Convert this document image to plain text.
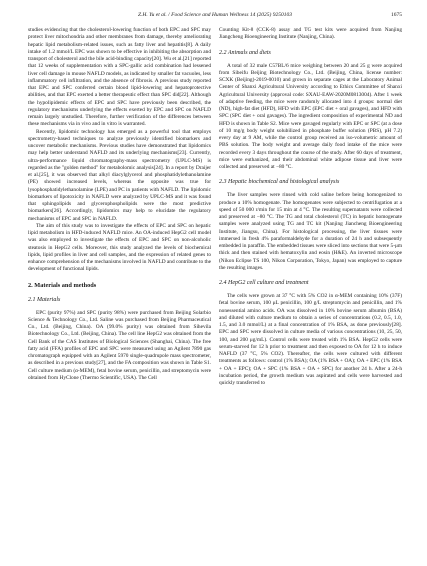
Z.H. Yu et al. / Food Science and Human Wellness 14 (2025) 9250103	1675

studies evidencing that the cholesterol-lowering function of both EPC and SPC may protect liver mitochondria and other membranes from damage, thereby ameliorating hepatic lipid metabolism-related issues, such as fatty liver and hepatitis[8]. A daily intake of 1.2 mmol/L EPC was shown to be effective in inhibiting the absorption and transport of cholesterol and the bile acid-binding capacity[20]. Wu et al.[21] reported that 12 weeks of supplementation with a SPC-gallic acid combination had lessened liver cell damage in mouse NAFLD models, as indicated by smaller fat vacuoles, less inflammatory cell infiltration, and the absence of fibrosis. A previous study reported that EPC and SPC conferred certain blood lipid-lowering and hepatoprotective abilities, and that EPC exerted a better therapeutic effect than SPC did[22]. Although the hypolipidemic effects of EPC and SPC have previously been described, the regulatory mechanisms underlying the effects exerted by EPC and SPC on NAFLD remain largely unstudied. Therefore, further verification of the differences between these mechanisms via in vivo and in vitro is warranted.

Recently, lipidomic technology has emerged as a powerful tool that employs spectrometry-based techniques to analyze previously identified biomarkers and uncover metabolic mechanisms. Previous studies have demonstrated that lipidomics may help better understand NAFLD and its underlying mechanisms[23]. Currently, ultra-performance liquid chromatography-mass spectrometry (UPLC-MS) is regarded as the "golden method" for metabolomic analysis[24]. In a report by Draijer et al.[25], it was observed that alkyl diacylglycerol and phosphatidylethanolamine (PE) showed increased levels, whereas the opposite was true for lysophosphatidylethanolamine (LPE) and PC in patients with NAFLD. The lipidomic biomarkers of lipotoxicity in NAFLD were analyzed by UPLC-MS and it was found that sphingolipids and glycerophospholipids were the most predictive biomarkers[26]. Accordingly, lipidomics may help to elucidate the regulatory mechanisms of EPC and SPC in NAFLD.

The aim of this study was to investigate the effects of EPC and SPC on hepatic lipid metabolism in HFD-induced NAFLD mice. An OA-induced HepG2 cell model was also employed to investigate the effects of EPC and SPC on non-alcoholic steatosis in HepG2 cells. Moreover, this study analyzed the levels of biochemical lipids, lipid profiles in liver and cell samples, and the expression of related genes to enhance comprehension of the mechanisms involved in NAFLD and contribute to the development of functional lipids.

2. Materials and methods
2.1 Materials

EPC (purity 97%) and SPC (purity 98%) were purchased from Beijing Solarbio Science & Technology Co., Ltd. Saline was purchased from Beijing Pharmaceutical Co., Ltd. (Beijing, China). OA (99.0% purity) was obtained from Sihevila Biotechnology Co., Ltd. (Beijing, China). The cell line HepG2 was obtained from the Cell Bank of the CAS Institutes of Biological Sciences (Shanghai, China). The free fatty acid (FFA) profiles of EPC and SPC were measured using an Agilent 7890 gas chromatograph equipped with an Agilent 5970 single-quadrupole mass spectrometer, as described in a previous study[27], and the FA composition was shown in Table S1. Cell culture medium (α-MEM), fetal bovine serum, penicillin, and streptomycin were obtained from HyClone (Thermo Scientific, USA). The Cell

Counting Kit-8 (CCK-8) assay and TG test kits were acquired from Nanjing Jiangcheng Bioengineering Institute (Nanjing, China).

2.2 Animals and diets

A total of 32 male C57BL/6 mice weighing between 20 and 25 g were acquired from Sibeifu Beijing Biotechnology Co., Ltd. (Beijing, China, license number: SCXK (Beijing)-2019-0010) and grown in separate cages at the Laboratory Animal Center of Shanxi Agricultural University according to Ethics Committee of Shanxi Agricultural University (approval code: SXAU-EAW-2020M0813004). After 1 week of adaptive feeding, the mice were randomly allocated into 4 groups: normal diet (ND), high-fat diet (HFD), HFD with EPC (EPC diet + oral gavages), and HFD with SPC (SPC diet + oral gavages). The ingredient composition of experimental ND and HFD is shown in Table S2. Mice were gavaged regularly with EPC or SPC (at a dose of 10 mg/g body weight solubilized in phosphate buffer solution (PBS), pH 7.2) every day at 9 AM, while the control group received an iso-volumetric amount of PBS solution. The body weight and average daily food intake of the mice were recorded every 3 days throughout the course of the study. After 60 days of treatment, mice were euthanized, and their abdominal white adipose tissue and liver were collected and preserved at −80 °C.

2.3 Hepatic biochemical and histological analysis

The liver samples were rinsed with cold saline before being homogenized to produce a 10% homogenate. The homogenates were subjected to centrifugation at a speed of 50 000 r/min for 15 min at 4 °C. The resulting supernatants were collected and preserved at −80 °C. The TG and total cholesterol (TC) in hepatic homogenate samples were analyzed using TG and TC kit (Nanjing Jiancheng Bioengineering Institute, Jiangsu, China). For histological processing, the liver tissues were immersed in fresh 4% paraformaldehyde for a duration of 24 h and subsequently embedded in paraffin. The embedded tissues were sliced into sections that were 5-μm thick and then stained with hematoxylin and eosin (H&E). An inverted microscope (Nikon Eclipse TS 100, Nikon Corporation, Tokyo, Japan) was employed to capture the resulting images.

2.4 HepG2 cell culture and treatment

The cells were grown at 37 °C with 5% CO2 in α-MEM containing 10% (37F) fetal bovine serum, 100 μL penicillin, 100 g/L streptomycin and penicillin, and 1% nonessential amino acids. OA was dissolved in 10% bovine serum albumin (BSA) and diluted with culture medium to obtain a series of concentrations (0.2, 0.5, 1.0, 1.5, and 3.0 mmol/L) at a final concentration of 1% BSA, as done previously[28]. EPC and SPC were dissolved in culture media of various concentrations (10, 25, 50, 100, and 200 μg/mL). Control cells were treated with 1% BSA. HepG2 cells were serum-starved for 12 h prior to treatment and then exposed to OA for 12 h to induce NAFLD (37 °C, 5% CO2). Thereafter, the cells were cultured with different treatments as follows: control (1% BSA); OA (1% BSA + OA); OA + EPC (1% BSA + OA + EPC); OA + SPC (1% BSA + OA + SPC) for another 24 h. After a 24-h incubation period, the growth medium was aspirated and cells were harvested and quickly transferred to
